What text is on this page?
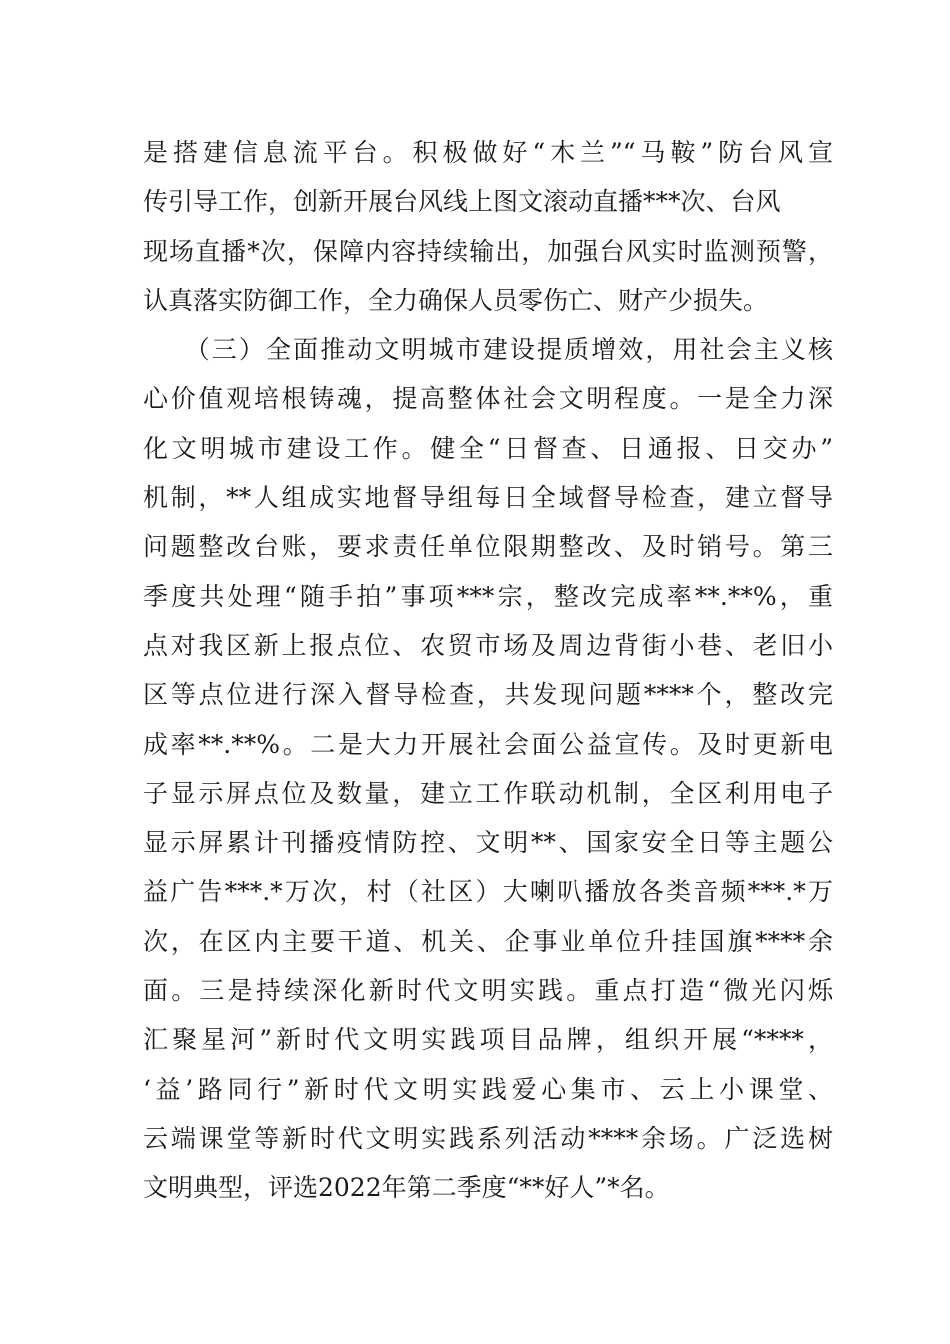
是搭建信息流平台。积极做好“木兰”“马鞍”防台风宣
传引导工作，创新开展台风线上图文滚动直播***次、台风
现场直播*次，保障内容持续输出，加强台风实时监测预警，
认真落实防御工作，全力确保人员零伤亡、财产少损失。
　　（三）全面推动文明城市建设提质增效，用社会主义核
心价值观培根铸魂，提高整体社会文明程度。一是全力深
化文明城市建设工作。健全“日督查、日通报、日交办”
机制，**人组成实地督导组每日全域督导检查，建立督导
问题整改台账，要求责任单位限期整改、及时销号。第三
季度共处理“随手拍”事项***宗，整改完成率**.**%，重
点对我区新上报点位、农贸市场及周边背街小巷、老旧小
区等点位进行深入督导检查，共发现问题****个，整改完
成率**.**%。二是大力开展社会面公益宣传。及时更新电
子显示屏点位及数量，建立工作联动机制，全区利用电子
显示屏累计刊播疫情防控、文明**、国家安全日等主题公
益广告***.*万次，村（社区）大喇叭播放各类音频***.*万
次，在区内主要干道、机关、企事业单位升挂国旗****余
面。三是持续深化新时代文明实践。重点打造“微光闪烁
汇聚星河”新时代文明实践项目品牌，组织开展“****，
‘益’路同行”新时代文明实践爱心集市、云上小课堂、
云端课堂等新时代文明实践系列活动****余场。广泛选树
文明典型，评选2022年第二季度“**好人”*名。
